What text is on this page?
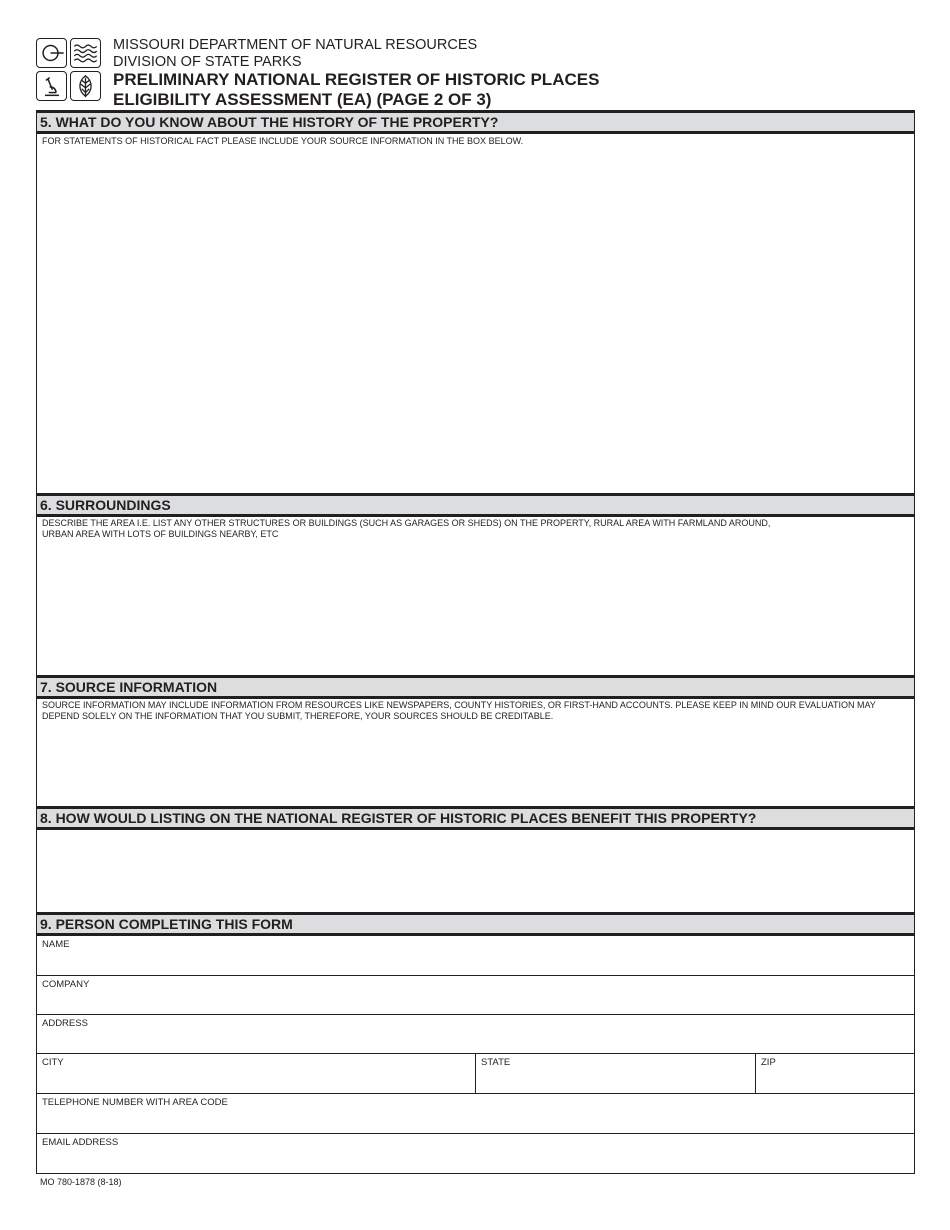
MISSOURI DEPARTMENT OF NATURAL RESOURCES
DIVISION OF STATE PARKS
PRELIMINARY NATIONAL REGISTER OF HISTORIC PLACES
ELIGIBILITY ASSESSMENT (EA) (PAGE 2 OF 3)
5. WHAT DO YOU KNOW ABOUT THE HISTORY OF THE PROPERTY?
FOR STATEMENTS OF HISTORICAL FACT PLEASE INCLUDE YOUR SOURCE INFORMATION IN THE BOX BELOW.
6. SURROUNDINGS
DESCRIBE THE AREA I.E. LIST ANY OTHER STRUCTURES OR BUILDINGS (SUCH AS GARAGES OR SHEDS) ON THE PROPERTY, RURAL AREA WITH FARMLAND AROUND,
URBAN AREA WITH LOTS OF BUILDINGS NEARBY, ETC
7. SOURCE INFORMATION
SOURCE INFORMATION MAY INCLUDE INFORMATION FROM RESOURCES LIKE NEWSPAPERS, COUNTY HISTORIES, OR FIRST-HAND ACCOUNTS. PLEASE KEEP IN MIND OUR EVALUATION MAY
DEPEND SOLELY ON THE INFORMATION THAT YOU SUBMIT, THEREFORE, YOUR SOURCES SHOULD BE CREDITABLE.
8. HOW WOULD LISTING ON THE NATIONAL REGISTER OF HISTORIC PLACES BENEFIT THIS PROPERTY?
9. PERSON COMPLETING THIS FORM
NAME
COMPANY
ADDRESS
CITY	STATE	ZIP
TELEPHONE NUMBER WITH AREA CODE
EMAIL ADDRESS
MO 780-1878 (8-18)
